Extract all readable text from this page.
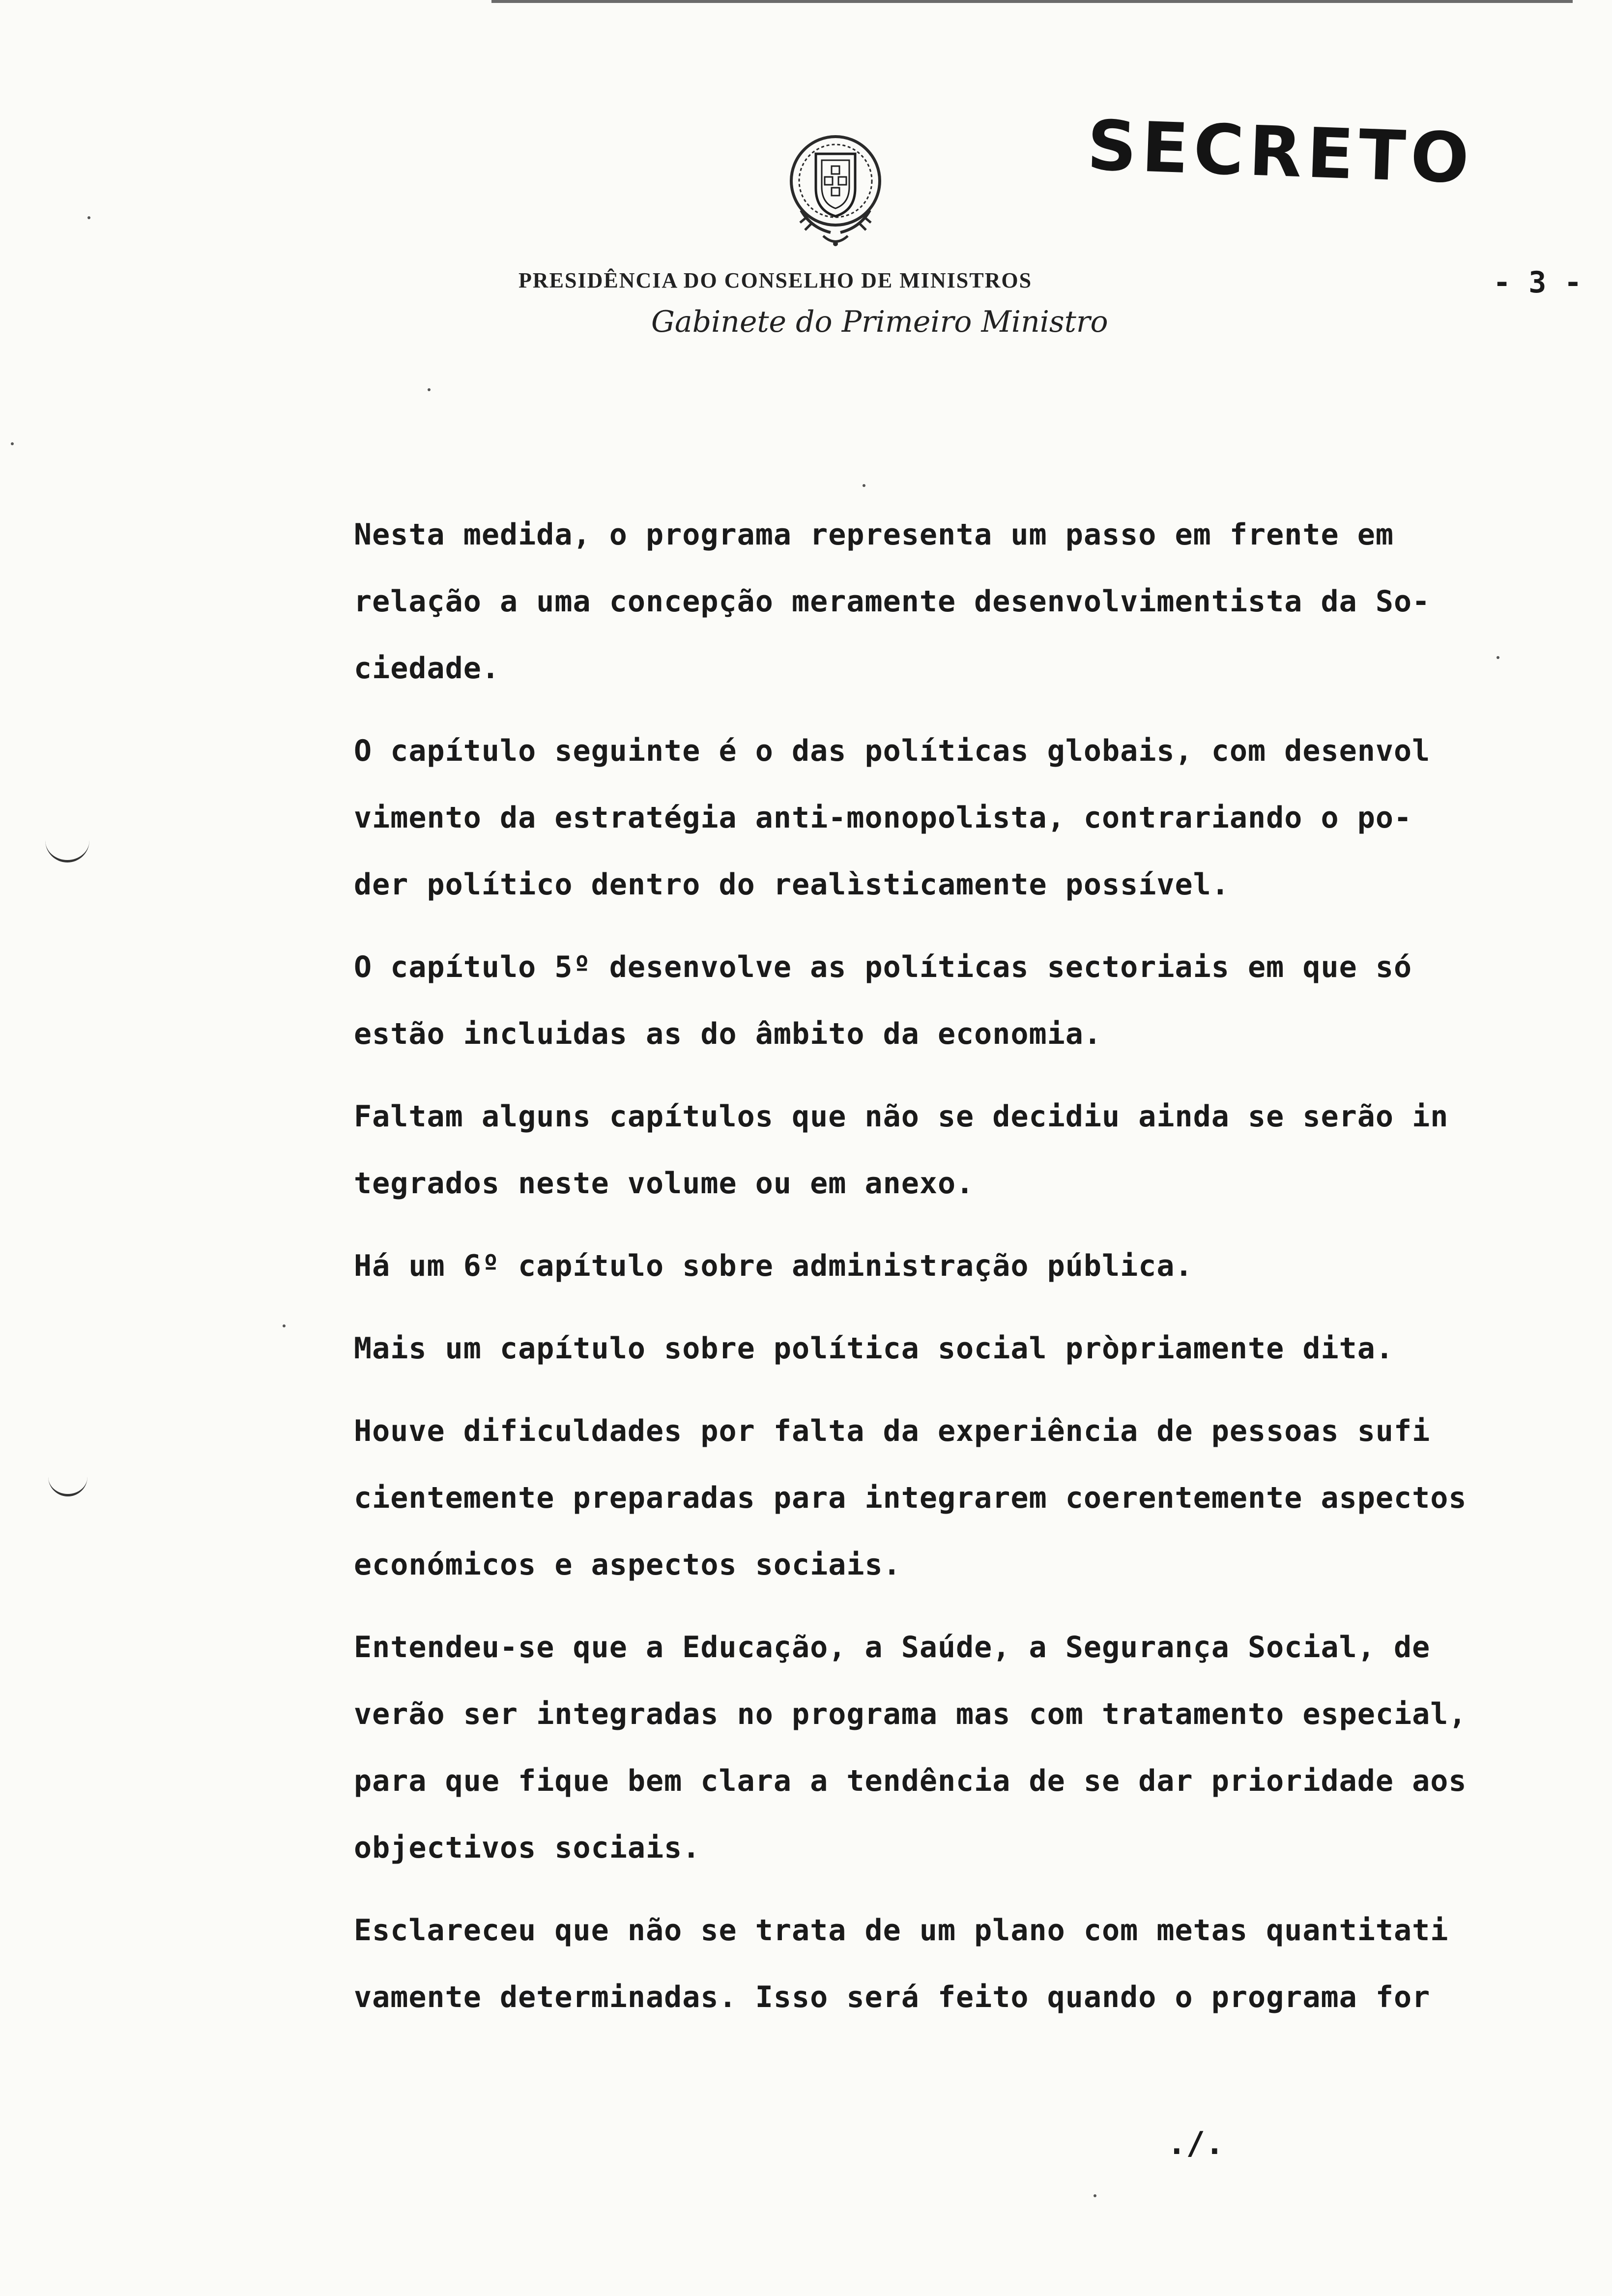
SECRETO
PRESIDÊNCIA DO CONSELHO DE MINISTROS
Gabinete do Primeiro Ministro
- 3 -
Nesta medida, o programa representa um passo em frente em
relação a uma concepção meramente desenvolvimentista da So-
ciedade.
O capítulo seguinte é o das políticas globais, com desenvol
vimento da estratégia anti-monopolista, contrariando o po-
der político dentro do realìsticamente possível.
O capítulo 5º desenvolve as políticas sectoriais em que só
estão incluidas as do âmbito da economia.
Faltam alguns capítulos que não se decidiu ainda se serão in
tegrados neste volume ou em anexo.
Há um 6º capítulo sobre administração pública.
Mais um capítulo sobre política social pròpriamente dita.
Houve dificuldades por falta da experiência de pessoas sufi
cientemente preparadas para integrarem coerentemente aspectos
económicos e aspectos sociais.
Entendeu-se que a Educação, a Saúde, a Segurança Social, de
verão ser integradas no programa mas com tratamento especial,
para que fique bem clara a tendência de se dar prioridade aos
objectivos sociais.
Esclareceu que não se trata de um plano com metas quantitati
vamente determinadas. Isso será feito quando o programa for
./.
